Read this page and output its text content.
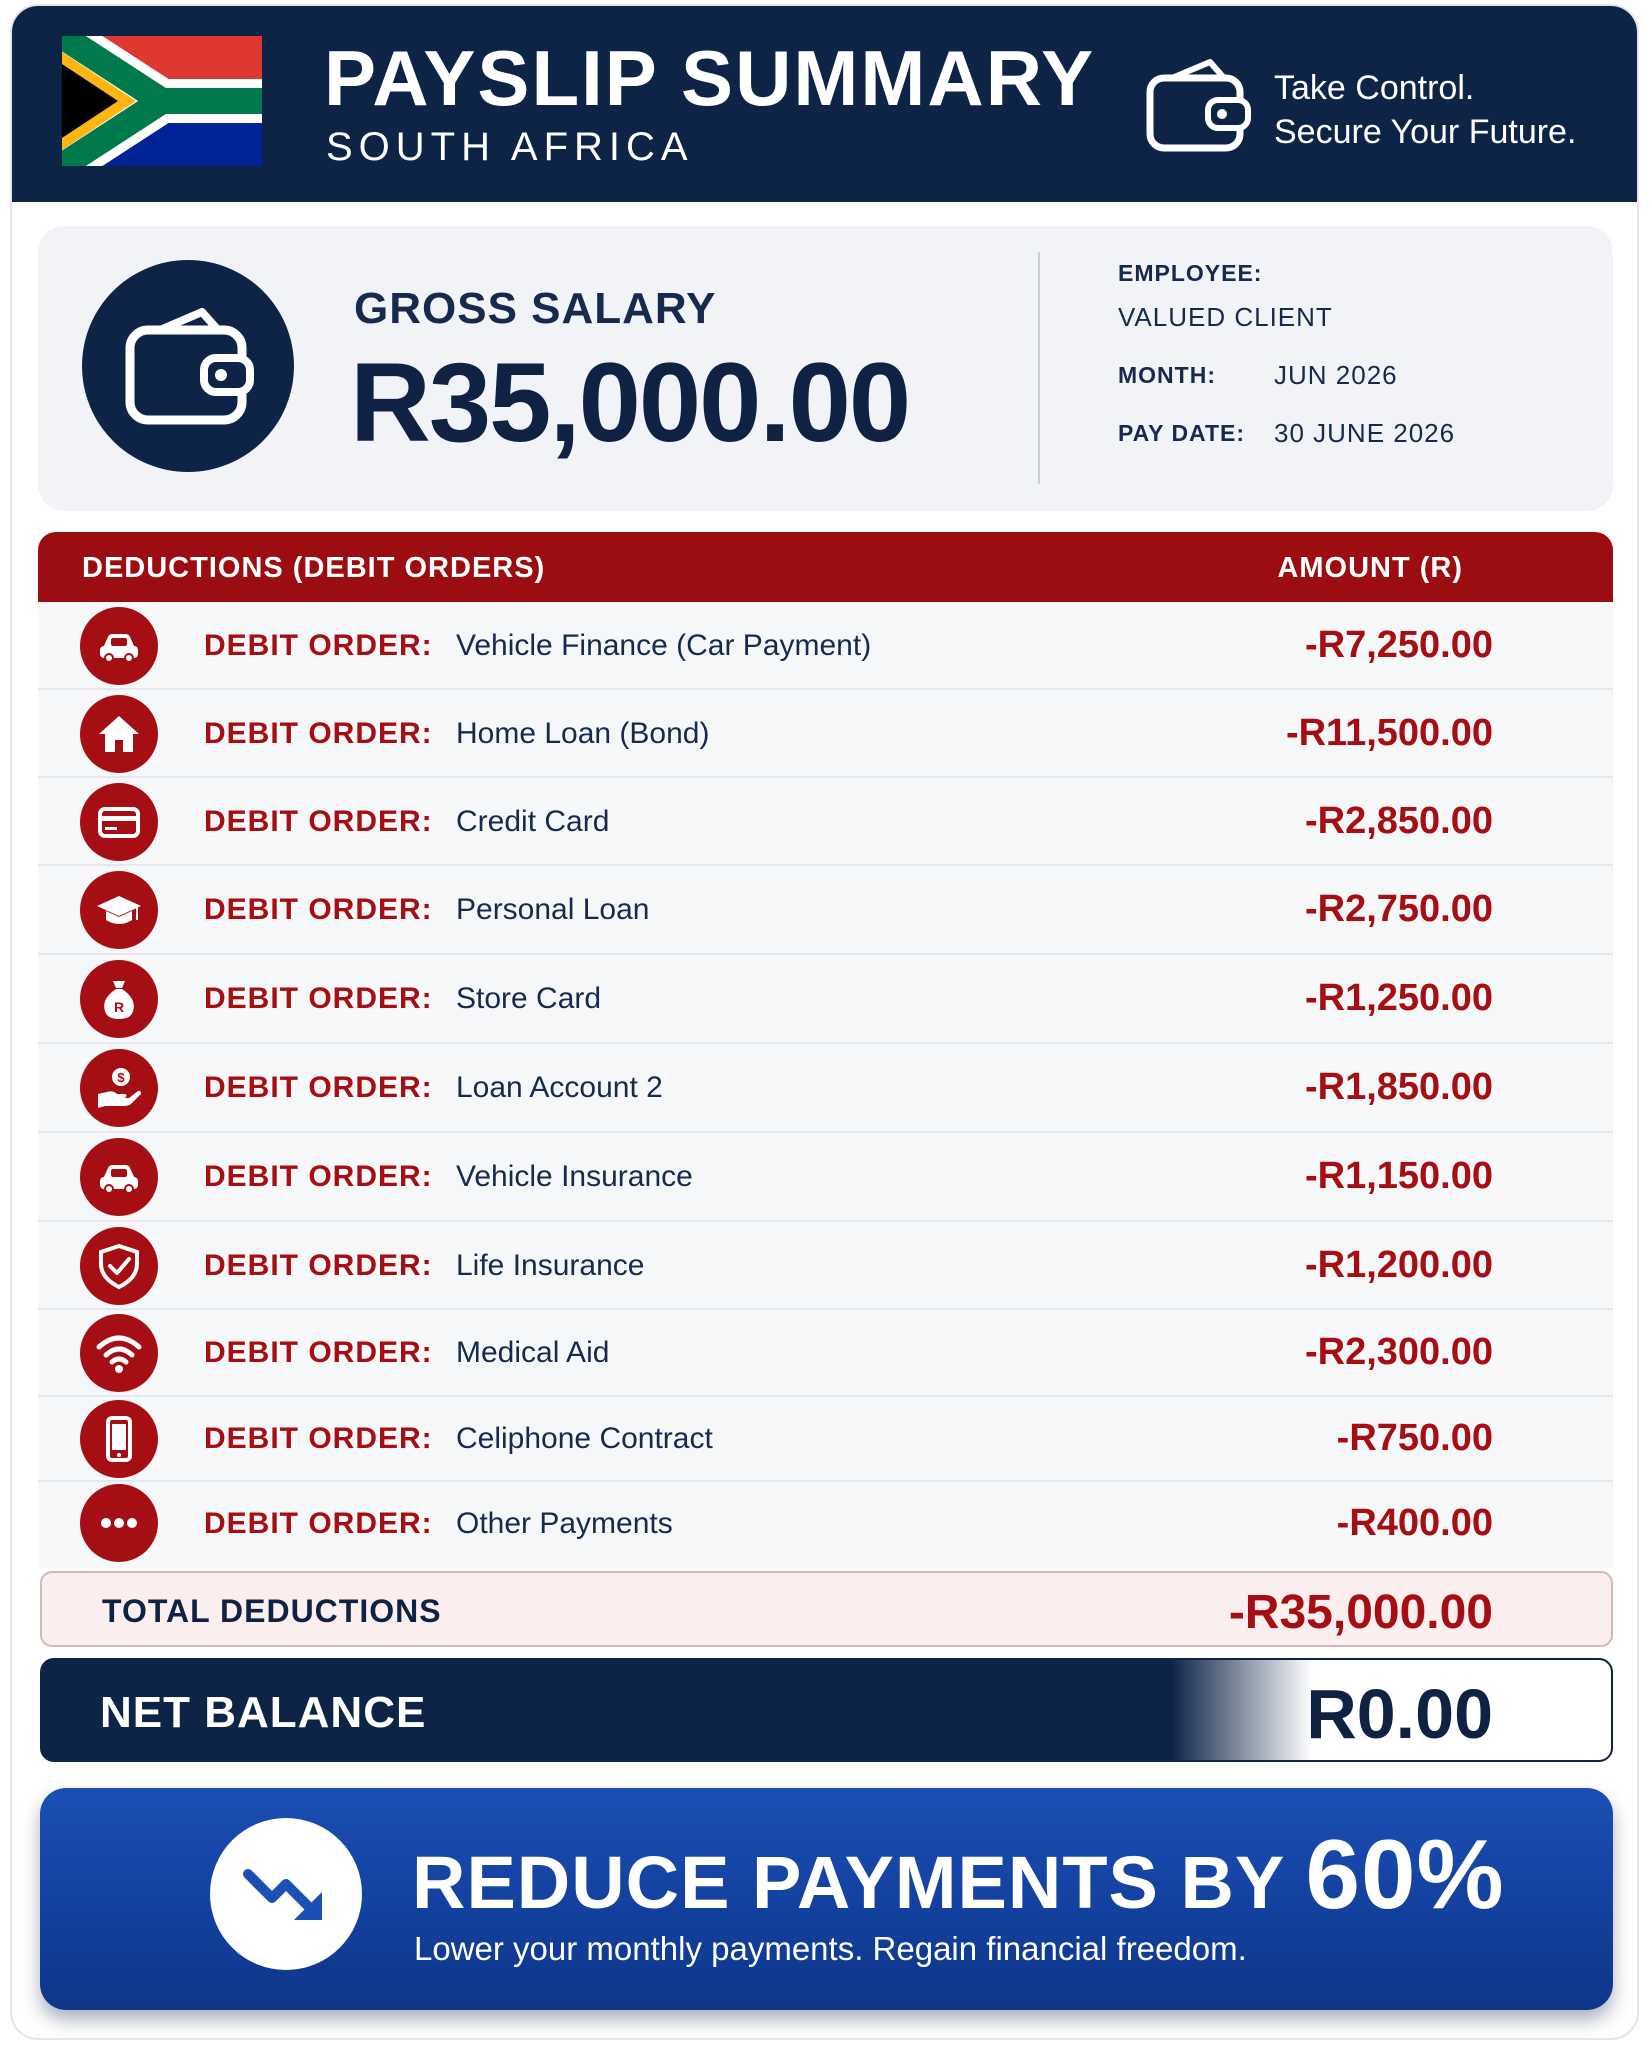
PAYSLIP SUMMARY
SOUTH AFRICA
Take Control.
Secure Your Future.
GROSS SALARY
R35,000.00
EMPLOYEE:
VALUED CLIENT
MONTH: JUN 2026
PAY DATE: 30 JUNE 2026
DEDUCTIONS (DEBIT ORDERS)	AMOUNT (R)
DEBIT ORDER: Vehicle Finance (Car Payment)	-R7,250.00
DEBIT ORDER: Home Loan (Bond)	-R11,500.00
DEBIT ORDER: Credit Card	-R2,850.00
DEBIT ORDER: Personal Loan	-R2,750.00
R	DEBIT ORDER: Store Card	-R1,250.00
$	DEBIT ORDER: Loan Account 2	-R1,850.00
DEBIT ORDER: Vehicle Insurance	-R1,150.00
DEBIT ORDER: Life Insurance	-R1,200.00
DEBIT ORDER: Medical Aid	-R2,300.00
DEBIT ORDER: Celiphone Contract	-R750.00
DEBIT ORDER: Other Payments	-R400.00
TOTAL DEDUCTIONS	-R35,000.00
NET BALANCE	R0.00
REDUCE PAYMENTS BY 60%
Lower your monthly payments. Regain financial freedom.
